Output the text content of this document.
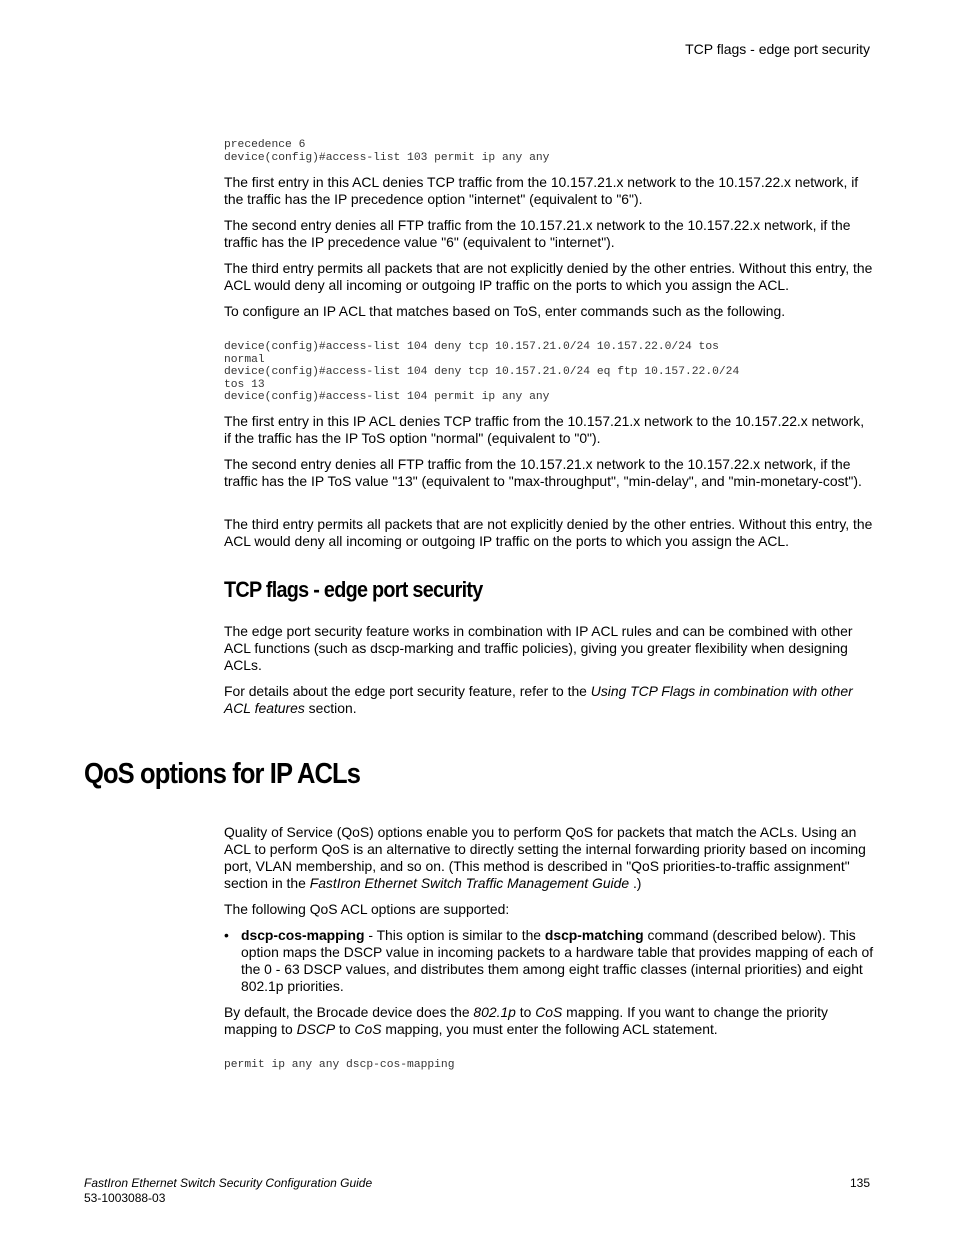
TCP flags - edge port security
precedence 6
device(config)#access-list 103 permit ip any any

The first entry in this ACL denies TCP traffic from the 10.157.21.x network to the 10.157.22.x network, if the traffic has the IP precedence option "internet" (equivalent to "6").

The second entry denies all FTP traffic from the 10.157.21.x network to the 10.157.22.x network, if the traffic has the IP precedence value "6" (equivalent to "internet").

The third entry permits all packets that are not explicitly denied by the other entries. Without this entry, the ACL would deny all incoming or outgoing IP traffic on the ports to which you assign the ACL.

To configure an IP ACL that matches based on ToS, enter commands such as the following.

device(config)#access-list 104 deny tcp 10.157.21.0/24 10.157.22.0/24 tos
normal
device(config)#access-list 104 deny tcp 10.157.21.0/24 eq ftp 10.157.22.0/24
tos 13
device(config)#access-list 104 permit ip any any

The first entry in this IP ACL denies TCP traffic from the 10.157.21.x network to the 10.157.22.x network, if the traffic has the IP ToS option "normal" (equivalent to "0").

The second entry denies all FTP traffic from the 10.157.21.x network to the 10.157.22.x network, if the traffic has the IP ToS value "13" (equivalent to "max-throughput", "min-delay", and "min-monetary-cost").

The third entry permits all packets that are not explicitly denied by the other entries. Without this entry, the ACL would deny all incoming or outgoing IP traffic on the ports to which you assign the ACL.

TCP flags - edge port security

The edge port security feature works in combination with IP ACL rules and can be combined with other ACL functions (such as dscp-marking and traffic policies), giving you greater flexibility when designing ACLs.

For details about the edge port security feature, refer to the Using TCP Flags in combination with other ACL features section.

QoS options for IP ACLs

Quality of Service (QoS) options enable you to perform QoS for packets that match the ACLs. Using an ACL to perform QoS is an alternative to directly setting the internal forwarding priority based on incoming port, VLAN membership, and so on. (This method is described in "QoS priorities-to-traffic assignment" section in the FastIron Ethernet Switch Traffic Management Guide .)

The following QoS ACL options are supported:

• dscp-cos-mapping - This option is similar to the dscp-matching command (described below). This option maps the DSCP value in incoming packets to a hardware table that provides mapping of each of the 0 - 63 DSCP values, and distributes them among eight traffic classes (internal priorities) and eight 802.1p priorities.

By default, the Brocade device does the 802.1p to CoS mapping. If you want to change the priority mapping to DSCP to CoS mapping, you must enter the following ACL statement.

permit ip any any dscp-cos-mapping
FastIron Ethernet Switch Security Configuration Guide
53-1003088-03
135
